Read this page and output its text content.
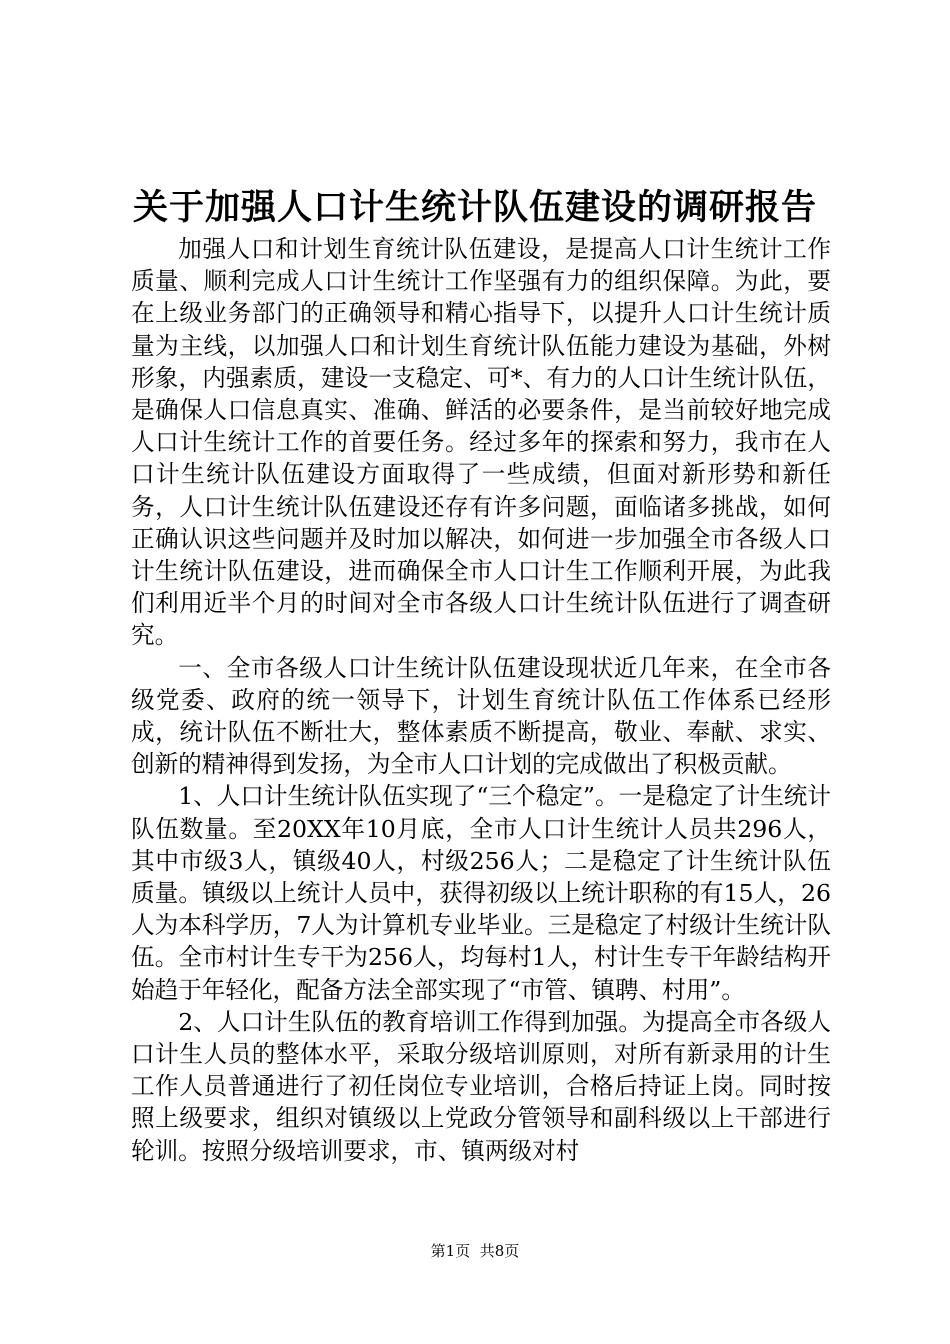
关于加强人口计生统计队伍建设的调研报告

加强人口和计划生育统计队伍建设，是提高人口计生统计工作质量、顺利完成人口计生统计工作坚强有力的组织保障。为此，要在上级业务部门的正确领导和精心指导下，以提升人口计生统计质量为主线，以加强人口和计划生育统计队伍能力建设为基础，外树形象，内强素质，建设一支稳定、可*、有力的人口计生统计队伍，是确保人口信息真实、准确、鲜活的必要条件，是当前较好地完成人口计生统计工作的首要任务。经过多年的探索和努力，我市在人口计生统计队伍建设方面取得了一些成绩，但面对新形势和新任务，人口计生统计队伍建设还存有许多问题，面临诸多挑战，如何正确认识这些问题并及时加以解决，如何进一步加强全市各级人口计生统计队伍建设，进而确保全市人口计生工作顺利开展，为此我们利用近半个月的时间对全市各级人口计生统计队伍进行了调查研究。

一、全市各级人口计生统计队伍建设现状近几年来，在全市各级党委、政府的统一领导下，计划生育统计队伍工作体系已经形成，统计队伍不断壮大，整体素质不断提高，敬业、奉献、求实、创新的精神得到发扬，为全市人口计划的完成做出了积极贡献。

1、人口计生统计队伍实现了“三个稳定”。一是稳定了计生统计队伍数量。至20XX年10月底，全市人口计生统计人员共296人，其中市级3人，镇级40人，村级256人；二是稳定了计生统计队伍质量。镇级以上统计人员中，获得初级以上统计职称的有15人，26人为本科学历，7人为计算机专业毕业。三是稳定了村级计生统计队伍。全市村计生专干为256人，均每村1人，村计生专干年龄结构开始趋于年轻化，配备方法全部实现了“市管、镇聘、村用”。

2、人口计生队伍的教育培训工作得到加强。为提高全市各级人口计生人员的整体水平，采取分级培训原则，对所有新录用的计生工作人员普通进行了初任岗位专业培训，合格后持证上岗。同时按照上级要求，组织对镇级以上党政分管领导和副科级以上干部进行轮训。按照分级培训要求，市、镇两级对村

第1页 共8页
